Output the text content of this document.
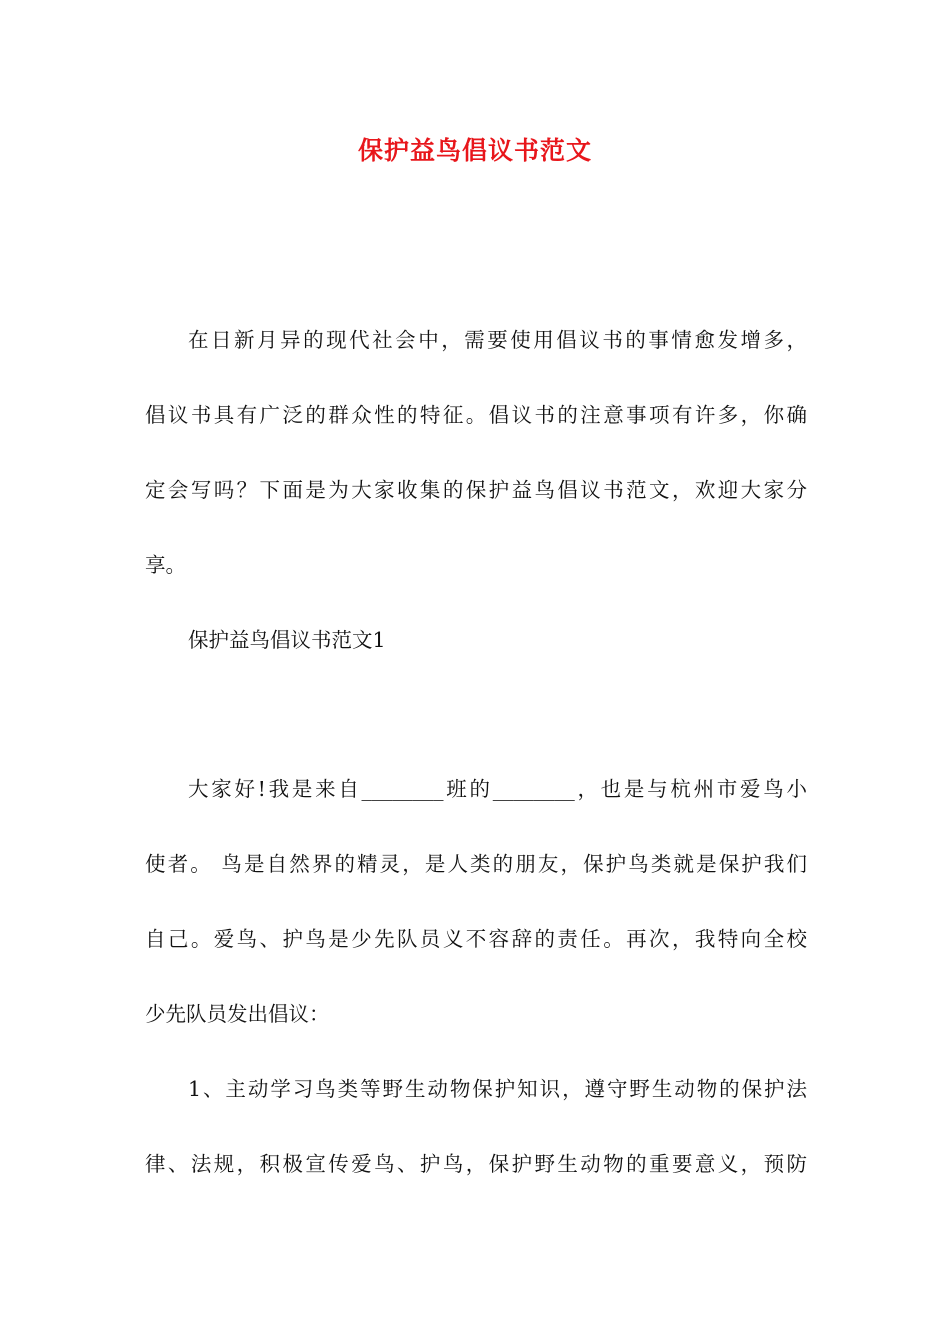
保护益鸟倡议书范文
在日新月异的现代社会中，需要使用倡议书的事情愈发增多，
倡议书具有广泛的群众性的特征。倡议书的注意事项有许多，你确
定会写吗？下面是为大家收集的保护益鸟倡议书范文，欢迎大家分
享。
保护益鸟倡议书范文1
大家好!我是来自________班的________，也是与杭州市爱鸟小
使者。 鸟是自然界的精灵，是人类的朋友，保护鸟类就是保护我们
自己。爱鸟、护鸟是少先队员义不容辞的责任。再次，我特向全校
少先队员发出倡议：
1、主动学习鸟类等野生动物保护知识，遵守野生动物的保护法
律、法规，积极宣传爱鸟、护鸟，保护野生动物的重要意义，预防
